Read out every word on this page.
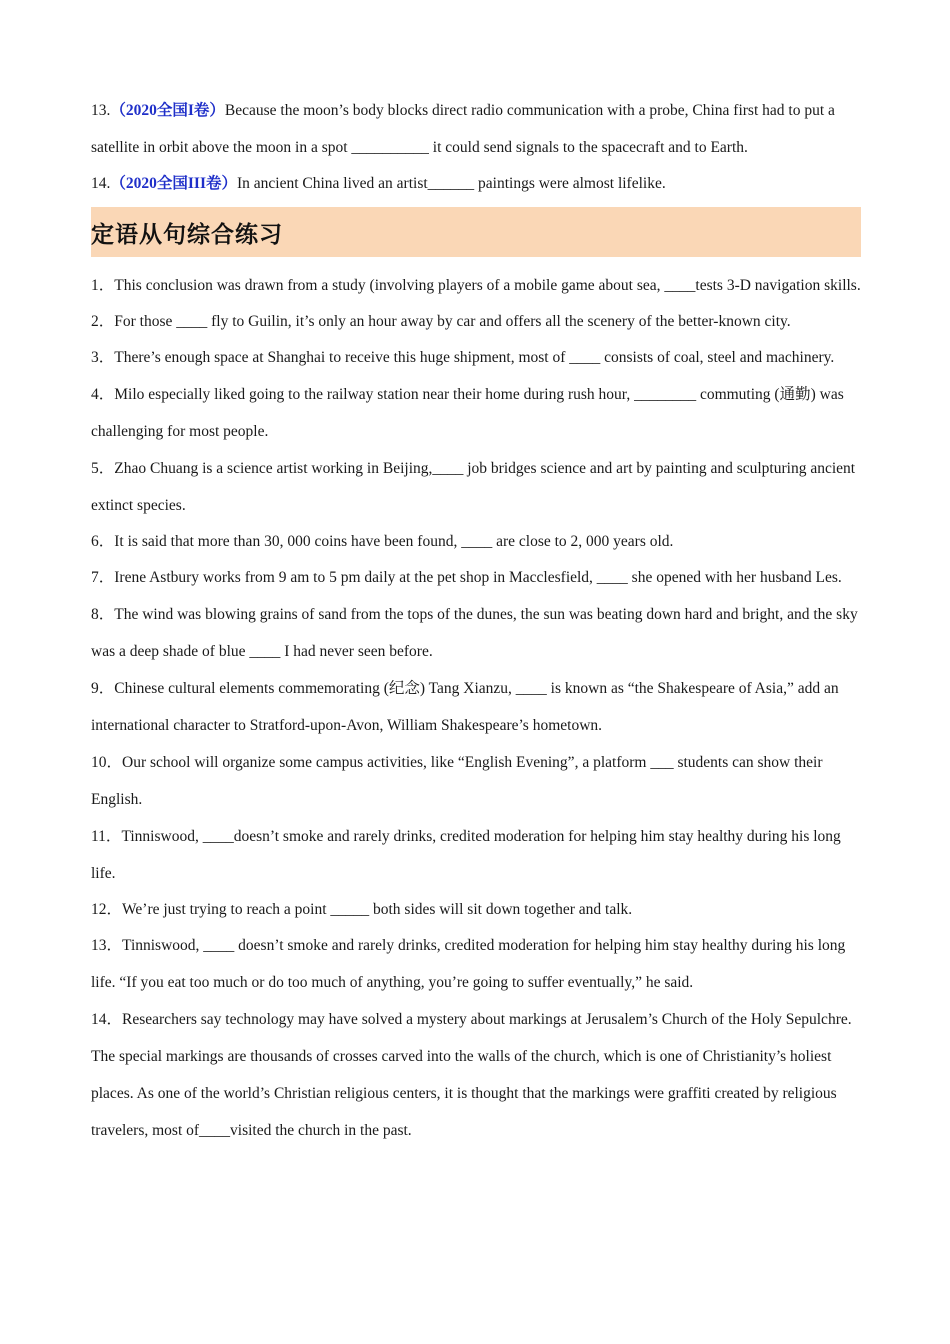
13.（2020全国I卷）Because the moon’s body blocks direct radio communication with a probe, China first had to put a satellite in orbit above the moon in a spot __________ it could send signals to the spacecraft and to Earth.

14.（2020全国III卷）In ancient China lived an artist______ paintings were almost lifelike.

定语从句综合练习

1．This conclusion was drawn from a study (involving players of a mobile game about sea, ____tests 3-D navigation skills.

2．For those ____ fly to Guilin, it’s only an hour away by car and offers all the scenery of the better-known city.

3．There’s enough space at Shanghai to receive this huge shipment, most of ____ consists of coal, steel and machinery.

4．Milo especially liked going to the railway station near their home during rush hour, ________ commuting (通勤) was challenging for most people.

5．Zhao Chuang is a science artist working in Beijing,____ job bridges science and art by painting and sculpturing ancient extinct species.

6．It is said that more than 30, 000 coins have been found, ____ are close to 2, 000 years old.

7．Irene Astbury works from 9 am to 5 pm daily at the pet shop in Macclesfield, ____ she opened with her husband Les.

8．The wind was blowing grains of sand from the tops of the dunes, the sun was beating down hard and bright, and the sky was a deep shade of blue ____ I had never seen before.

9．Chinese cultural elements commemorating (纪念) Tang Xianzu, ____ is known as “the Shakespeare of Asia,” add an international character to Stratford-upon-Avon, William Shakespeare’s hometown.

10．Our school will organize some campus activities, like “English Evening”, a platform ___ students can show their English.

11．Tinniswood, ____doesn’t smoke and rarely drinks, credited moderation for helping him stay healthy during his long life.

12．We’re just trying to reach a point _____ both sides will sit down together and talk.

13．Tinniswood, ____ doesn’t smoke and rarely drinks, credited moderation for helping him stay healthy during his long life. “If you eat too much or do too much of anything, you’re going to suffer eventually,” he said.

14．Researchers say technology may have solved a mystery about markings at Jerusalem’s Church of the Holy Sepulchre. The special markings are thousands of crosses carved into the walls of the church, which is one of Christianity’s holiest places. As one of the world’s Christian religious centers, it is thought that the markings were graffiti created by religious travelers, most of____visited the church in the past.
